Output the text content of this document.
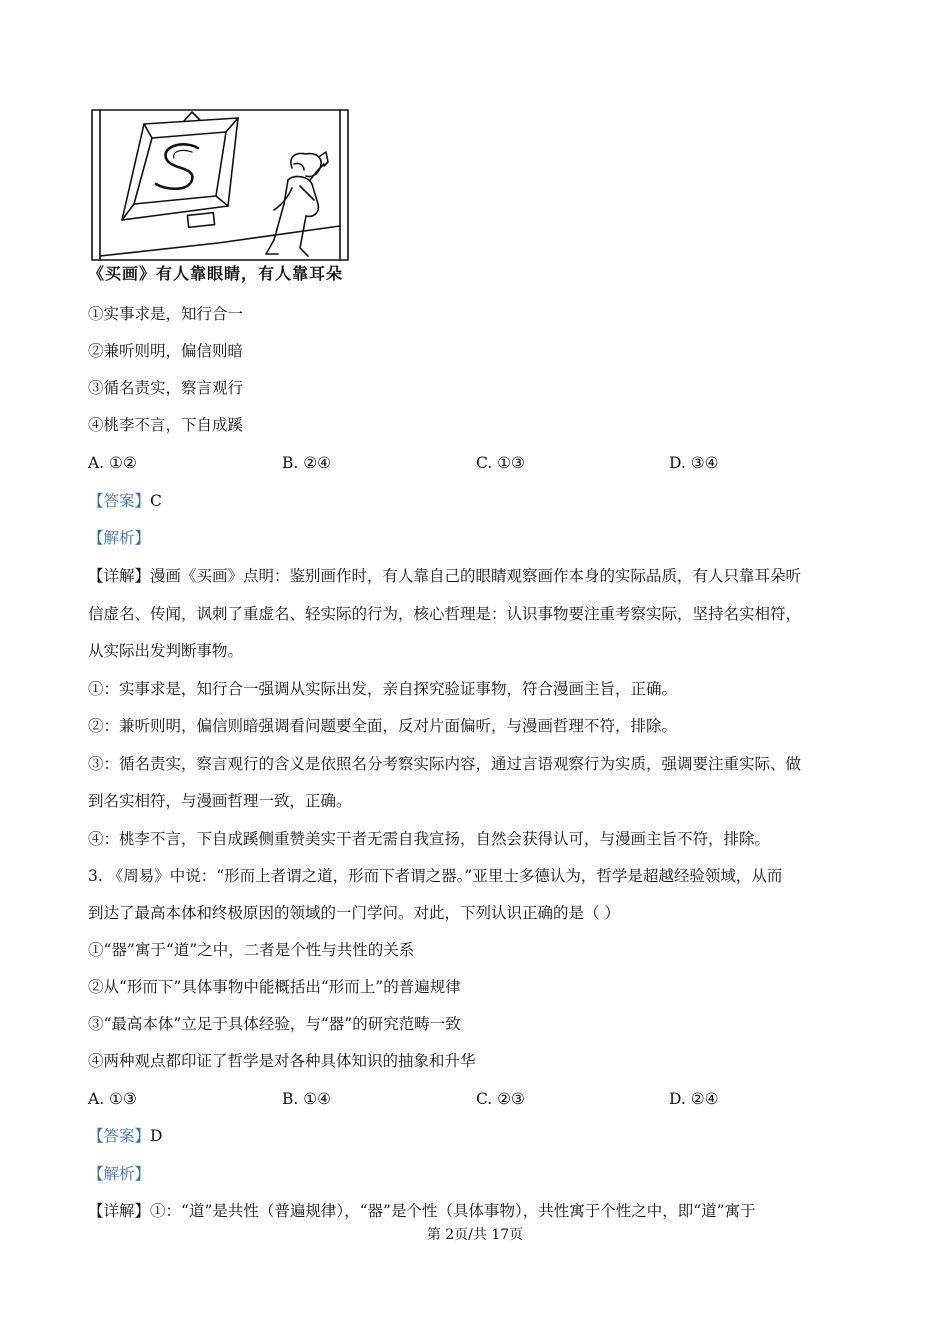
《买画》有人靠眼睛，有人靠耳朵
①实事求是，知行合一
②兼听则明，偏信则暗
③循名责实，察言观行
④桃李不言，下自成蹊
A. ①②	B. ②④	C. ①③	D. ③④
【答案】C
【解析】
【详解】漫画《买画》点明：鉴别画作时，有人靠自己的眼睛观察画作本身的实际品质，有人只靠耳朵听
信虚名、传闻，讽刺了重虚名、轻实际的行为，核心哲理是：认识事物要注重考察实际，坚持名实相符，
从实际出发判断事物。
①：实事求是，知行合一强调从实际出发，亲自探究验证事物，符合漫画主旨，正确。
②：兼听则明，偏信则暗强调看问题要全面，反对片面偏听，与漫画哲理不符，排除。
③：循名责实，察言观行的含义是依照名分考察实际内容，通过言语观察行为实质，强调要注重实际、做
到名实相符，与漫画哲理一致，正确。
④：桃李不言，下自成蹊侧重赞美实干者无需自我宣扬，自然会获得认可，与漫画主旨不符，排除。
3. 《周易》中说：“形而上者谓之道，形而下者谓之器。”亚里士多德认为，哲学是超越经验领域，从而
到达了最高本体和终极原因的领域的一门学问。对此，下列认识正确的是（ ）
①“器”寓于“道”之中，二者是个性与共性的关系
②从“形而下”具体事物中能概括出“形而上”的普遍规律
③“最高本体”立足于具体经验，与“器”的研究范畴一致
④两种观点都印证了哲学是对各种具体知识的抽象和升华
A. ①③	B. ①④	C. ②③	D. ②④
【答案】D
【解析】
【详解】①：“道”是共性（普遍规律），“器”是个性（具体事物），共性寓于个性之中，即“道”寓于
第 2页/共 17页
